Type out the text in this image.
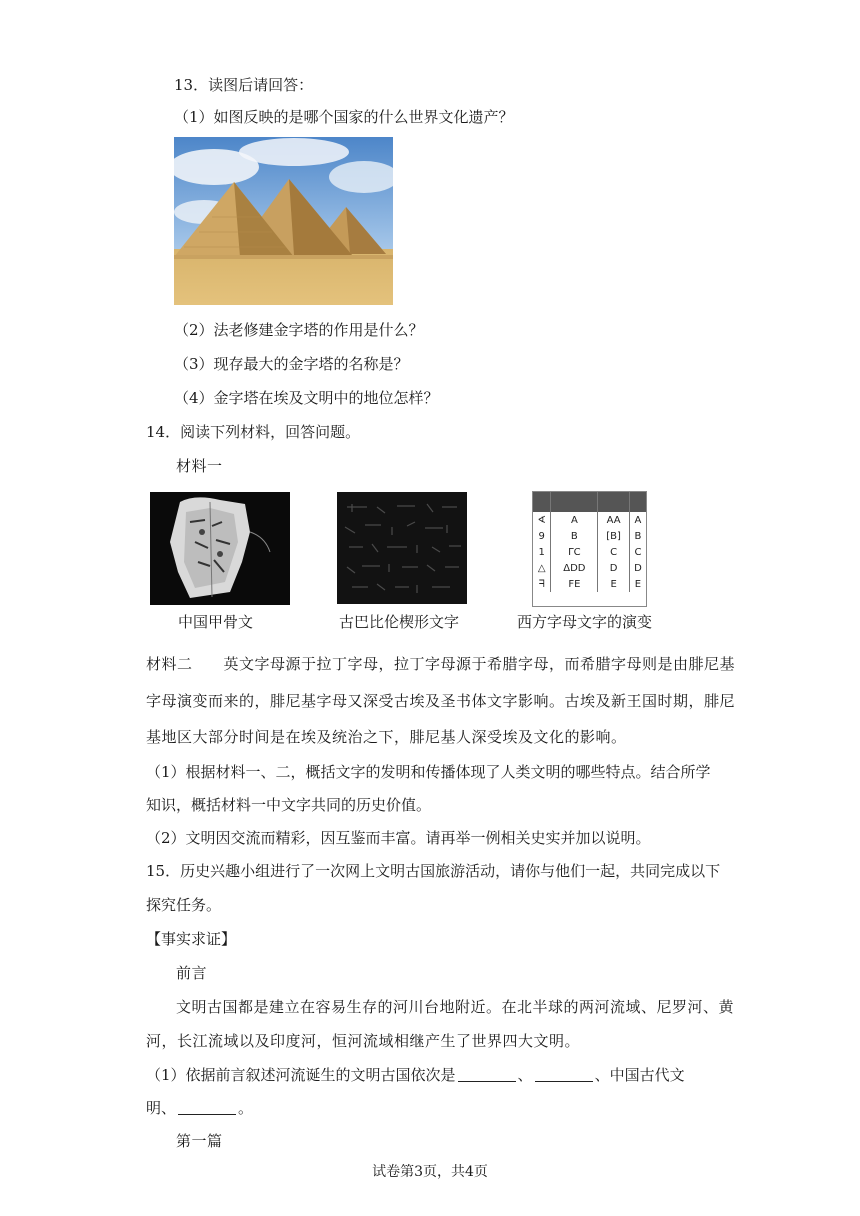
13．读图后请回答：
（1）如图反映的是哪个国家的什么世界文化遗产？
（2）法老修建金字塔的作用是什么？
（3）现存最大的金字塔的名称是？
（4）金字塔在埃及文明中的地位怎样？
14．阅读下列材料，回答问题。
材料一

∢	A	AA	A
9	B	[B]	B
1	ΓC	C	C
△	ΔDD	D	D
ᖷ	FE	E	E
中国甲骨文	古巴比伦楔形文字	西方字母文字的演变
材料二　　英文字母源于拉丁字母，拉丁字母源于希腊字母，而希腊字母则是由腓尼基
字母演变而来的，腓尼基字母又深受古埃及圣书体文字影响。古埃及新王国时期，腓尼
基地区大部分时间是在埃及统治之下，腓尼基人深受埃及文化的影响。
（1）根据材料一、二，概括文字的发明和传播体现了人类文明的哪些特点。结合所学
知识，概括材料一中文字共同的历史价值。
（2）文明因交流而精彩，因互鉴而丰富。请再举一例相关史实并加以说明。
15．历史兴趣小组进行了一次网上文明古国旅游活动，请你与他们一起，共同完成以下
探究任务。
【事实求证】
前言
文明古国都是建立在容易生存的河川台地附近。在北半球的两河流域、尼罗河、黄
河，长江流域以及印度河，恒河流域相继产生了世界四大文明。
（1）依据前言叙述河流诞生的文明古国依次是	、	、中国古代文
明、	。
第一篇
试卷第3页，共4页
